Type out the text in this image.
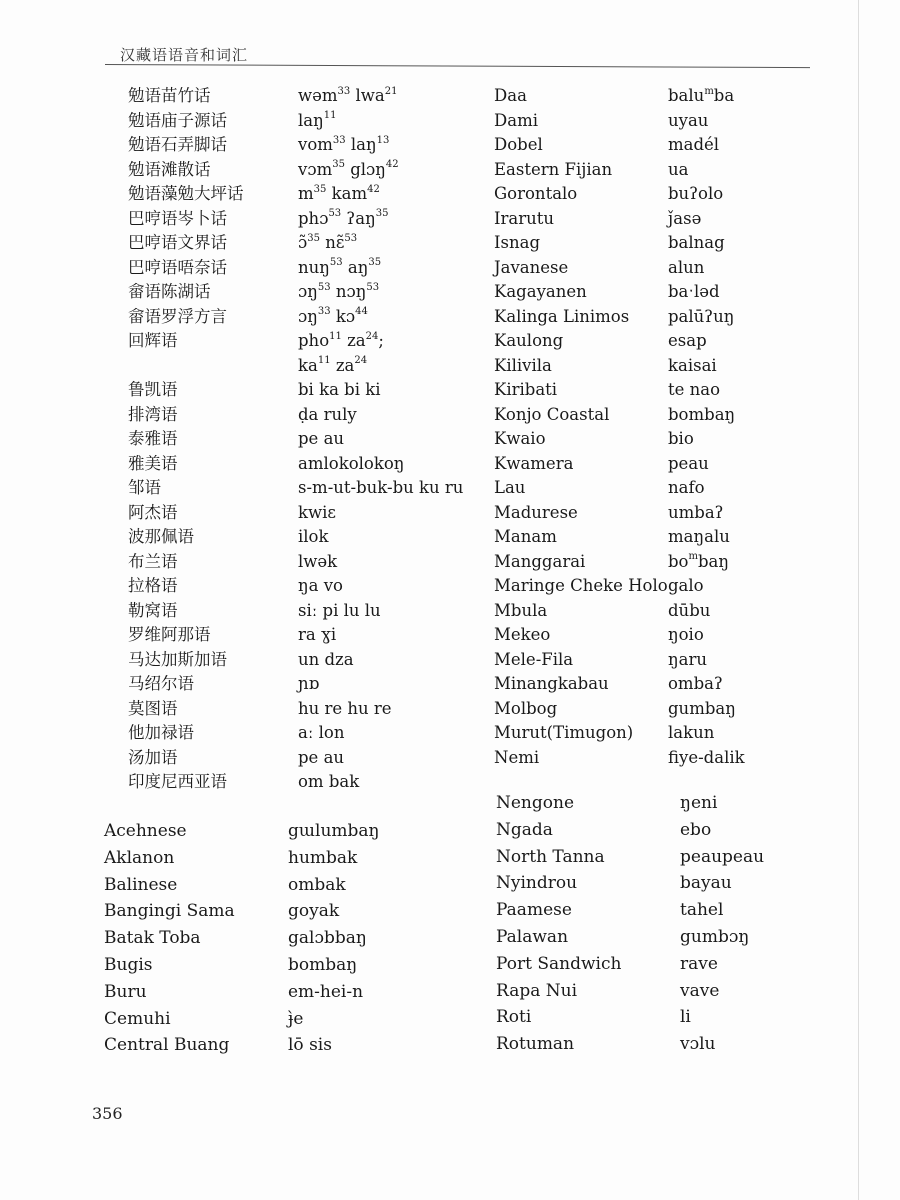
汉藏语语音和词汇
勉语苗竹话
勉语庙子源话
勉语石弄脚话
勉语滩散话
勉语藻勉大坪话
巴哼语岑卜话
巴哼语文界话
巴哼语唔奈话
畲语陈湖话
畲语罗浮方言
回辉语
鲁凯语
排湾语
泰雅语
雅美语
邹语
阿杰语
波那佩语
布兰语
拉格语
勒窝语
罗维阿那语
马达加斯加语
马绍尔语
莫图语
他加禄语
汤加语
印度尼西亚语
wəm$^{33}$ lwa$^{21}$
laŋ$^{11}$
vom$^{33}$ laŋ$^{13}$
vɔm$^{35}$ glɔŋ$^{42}$
$m^{35}$ kam$^{42}$
phɔ$^{53}$ ʔaŋ$^{35}$
ɔ̃$^{35}$ nɛ̃$^{53}$
nuŋ$^{53}$ $aŋ^{35}$
ɔŋ$^{53}$ nɔŋ$^{53}$
ɔŋ$^{33}$ kɔ$^{44}$
pho$^{11}$ $za^{24}$;
$ka^{11}$ $za^{24}$
bi ka bi ki
ḍa ruly
pe au
amlokolokoŋ
s-m-ut-buk-bu ku ru
kwiɛ
ilok
lwək
ŋa vo
siː pi lu lu
ra ɣi
un dza
ɲɒ
hu re hu re
aː lon
pe au
om bak
Acehnese
Aklanon
Balinese
Bangingi Sama
Batak Toba
Bugis
Buru
Cemuhi
Central Buang
gɯlumbaŋ
humbak
ombak
goyak
galɔbbaŋ
bombaŋ
em-hei-n
ɟ̀e
lō sis
Daa
Dami
Dobel
Eastern Fijian
Gorontalo
Irarutu
Isnag
Javanese
Kagayanen
Kalinga Linimos
Kaulong
Kilivila
Kiribati
Konjo Coastal
Kwaio
Kwamera
Lau
Madurese
Manam
Manggarai
Maringe Cheke Holo
Mbula
Mekeo
Mele-Fila
Minangkabau
Molbog
Murut(Timugon)
Nemi
balu$^m$ba
uyau
madél
ua
buʔolo
ǰasə
balnag
alun
baˑləd
palūʔuŋ
esap
kaisai
te nao
bombaŋ
bio
peau
nafo
umbaʔ
maŋalu
$bo^mbaŋ$
galo
dūbu
ŋoio
ŋaru
ombaʔ
gumbaŋ
lakun
fiye-dalik
Nengone
Ngada
North Tanna
Nyindrou
Paamese
Palawan
Port Sandwich
Rapa Nui
Roti
Rotuman
ŋeni
ebo
peaupeau
bayau
tahel
gumbɔŋ
rave
vave
li
vɔlu
356
